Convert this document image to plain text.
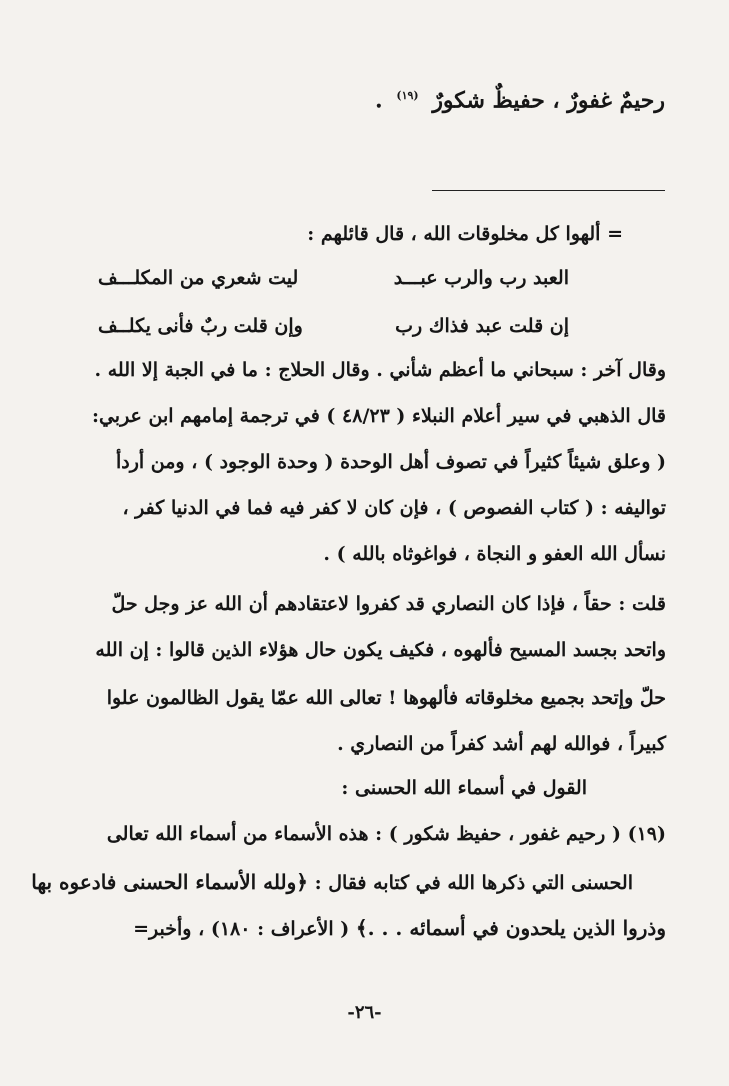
رحيمٌ غفورٌ ، حفيظٌ شكورٌ $^{(١٩)}$ .
= ألهوا كل مخلوقات الله ، قال قائلهم :
العبد رب والرب عبـــد
ليت شعري من المكلـــف
إن قلت عبد فذاك رب
وإن قلت ربٌ فأنى يكلــف
وقال آخر : سبحاني ما أعظم شأني . وقال الحلاج : ما في الجبة إلا الله .
قال الذهبي في سير أعلام النبلاء ( ٤٨/٢٣ ) في ترجمة إمامهم ابن عربي:
( وعلق شيئاً كثيراً في تصوف أهل الوحدة ( وحدة الوجود ) ، ومن أردأ
تواليفه : ( كتاب الفصوص ) ، فإن كان لا كفر فيه فما في الدنيا كفر ،
نسأل الله العفو و النجاة ، فواغوثاه بالله ) .
قلت : حقاً ، فإذا كان النصاري قد كفروا لاعتقادهم أن الله عز وجل حلّ
واتحد بجسد المسيح فألهوه ، فكيف يكون حال هؤلاء الذين قالوا : إن الله
حلّ وإتحد بجميع مخلوقاته فألهوها ! تعالى الله عمّا يقول الظالمون علوا
كبيراً ، فوالله لهم أشد كفراً من النصاري .
القول في أسماء الله الحسنى :
(١٩) ( رحيم غفور ، حفيظ شكور ) : هذه الأسماء من أسماء الله تعالى
الحسنى التي ذكرها الله في كتابه فقال : ﴿ولله الأسماء الحسنى فادعوه بها
وذروا الذين يلحدون في أسمائه . . .﴾ ( الأعراف : ١٨٠) ، وأخبر=
-٢٦-
